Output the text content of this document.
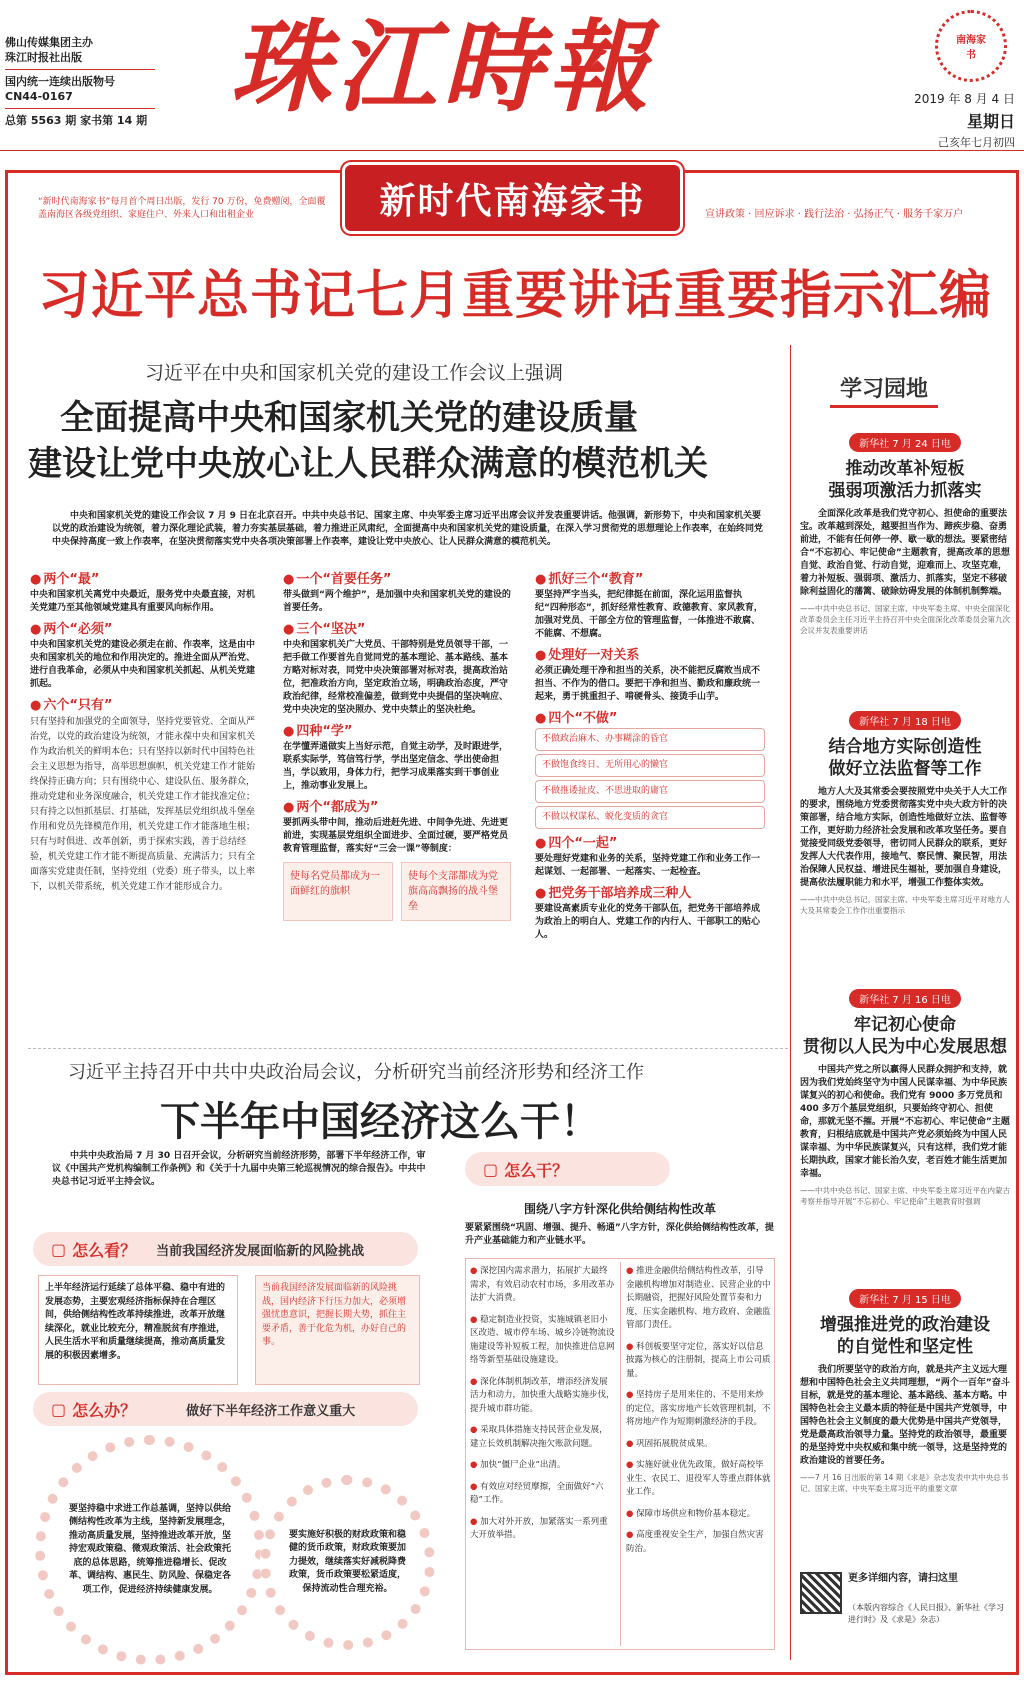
佛山传媒集团主办
珠江时报社出版
国内统一连续出版物号
CN44-0167
总第 5563 期 家书第 14 期 珠江時報	南海家书
2019 年 8 月 4 日
星期日
己亥年七月初四
新时代南海家书
“新时代南海家书”每月首个周日出版，发行 70 万份，免费赠阅，全面覆盖南海区各级党组织、家庭住户、外来人口和出租企业	宣讲政策 · 回应诉求 · 践行法治 · 弘扬正气 · 服务千家万户
习近平总书记七月重要讲话重要指示汇编
习近平在中央和国家机关党的建设工作会议上强调
全面提高中央和国家机关党的建设质量
建设让党中央放心让人民群众满意的模范机关
中央和国家机关党的建设工作会议 7 月 9 日在北京召开。中共中央总书记、国家主席、中央军委主席习近平出席会议并发表重要讲话。他强调，新形势下，中央和国家机关要以党的政治建设为统领，着力深化理论武装，着力夯实基层基础，着力推进正风肃纪，全面提高中央和国家机关党的建设质量，在深入学习贯彻党的思想理论上作表率，在始终同党中央保持高度一致上作表率，在坚决贯彻落实党中央各项决策部署上作表率，建设让党中央放心、让人民群众满意的模范机关。
● 两个“最”

中央和国家机关离党中央最近，服务党中央最直接，对机关党建乃至其他领域党建具有重要风向标作用。

● 两个“必须”

中央和国家机关党的建设必须走在前、作表率，这是由中央和国家机关的地位和作用决定的。推进全面从严治党、进行自我革命，必须从中央和国家机关抓起、从机关党建抓起。

● 六个“只有”

只有坚持和加强党的全面领导，坚持党要管党、全面从严治党，以党的政治建设为统领，才能永葆中央和国家机关作为政治机关的鲜明本色；只有坚持以新时代中国特色社会主义思想为指导，高举思想旗帜，机关党建工作才能始终保持正确方向；只有围绕中心、建设队伍、服务群众，推动党建和业务深度融合，机关党建工作才能找准定位；只有持之以恒抓基层、打基础，发挥基层党组织战斗堡垒作用和党员先锋模范作用，机关党建工作才能落地生根；只有与时俱进、改革创新，勇于探索实践，善于总结经验，机关党建工作才能不断提高质量、充满活力；只有全面落实党建责任制，坚持党组（党委）班子带头，以上率下，以机关带系统，机关党建工作才能形成合力。

● 一个“首要任务”

带头做到“两个维护”，是加强中央和国家机关党的建设的首要任务。

● 三个“坚决”

中央和国家机关广大党员、干部特别是党员领导干部，一把手做工作要首先自觉同党的基本理论、基本路线、基本方略对标对表，同党中央决策部署对标对表，提高政治站位，把准政治方向，坚定政治立场，明确政治态度，严守政治纪律，经常校准偏差，做到党中央提倡的坚决响应、党中央决定的坚决照办、党中央禁止的坚决杜绝。

● 四种“学”

在学懂弄通做实上当好示范，自觉主动学，及时跟进学，联系实际学，笃信笃行学，学出坚定信念、学出使命担当，学以致用，身体力行，把学习成果落实到干事创业上，推动事业发展上。

● 两个“都成为”

要抓两头带中间，推动后进赶先进、中间争先进、先进更前进，实现基层党组织全面进步、全面过硬，要严格党员教育管理监督，落实好“三会一课”等制度：

使每名党员都成为一面鲜红的旗帜
使每个支部都成为党旗高高飘扬的战斗堡垒
● 抓好三个“教育”

要坚持严字当头，把纪律挺在前面，深化运用监督执纪“四种形态”，抓好经常性教育、政德教育、家风教育，加强对党员、干部全方位的管理监督，一体推进不敢腐、不能腐、不想腐。

● 处理好一对关系

必须正确处理干净和担当的关系，决不能把反腐败当成不担当、不作为的借口。要把干净和担当、勤政和廉政统一起来，勇于挑重担子、啃硬骨头、接烫手山芋。

● 四个“不做”
不做政治麻木、办事糊涂的昏官
不做饱食终日、无所用心的懒官
不做推诿扯皮、不思进取的庸官
不做以权谋私、蜕化变质的贪官
● 四个“一起”

要处理好党建和业务的关系，坚持党建工作和业务工作一起谋划、一起部署、一起落实、一起检查。

● 把党务干部培养成三种人

要建设高素质专业化的党务干部队伍，把党务干部培养成为政治上的明白人、党建工作的内行人、干部职工的贴心人。

习近平主持召开中共中央政治局会议，分析研究当前经济形势和经济工作
下半年中国经济这么干！
中共中央政治局 7 月 30 日召开会议，分析研究当前经济形势，部署下半年经济工作，审议《中国共产党机构编制工作条例》和《关于十九届中央第三轮巡视情况的综合报告》。中共中央总书记习近平主持会议。
▢ 怎么看？ 当前我国经济发展面临新的风险挑战
上半年经济运行延续了总体平稳、稳中有进的发展态势，主要宏观经济指标保持在合理区间，供给侧结构性改革持续推进，改革开放继续深化，就业比较充分，精准脱贫有序推进，人民生活水平和质量继续提高，推动高质量发展的积极因素增多。
当前我国经济发展面临新的风险挑战，国内经济下行压力加大，必须增强忧患意识，把握长期大势，抓住主要矛盾，善于化危为机，办好自己的事。
▢ 怎么办？	做好下半年经济工作意义重大
要坚持稳中求进工作总基调，坚持以供给侧结构性改革为主线，坚持新发展理念，推动高质量发展，坚持推进改革开放，坚持宏观政策稳、微观政策活、社会政策托底的总体思路，统筹推进稳增长、促改革、调结构、惠民生、防风险、保稳定各项工作，促进经济持续健康发展。
要实施好积极的财政政策和稳健的货币政策，财政政策要加力提效，继续落实好减税降费政策，货币政策要松紧适度，保持流动性合理充裕。
▢ 怎么干？
围绕八字方针深化供给侧结构性改革
要紧紧围绕“巩固、增强、提升、畅通”八字方针，深化供给侧结构性改革，提升产业基础能力和产业链水平。

● 深挖国内需求潜力，拓展扩大最终需求，有效启动农村市场，多用改革办法扩大消费。

● 稳定制造业投资，实施城镇老旧小区改造、城市停车场、城乡冷链物流设施建设等补短板工程，加快推进信息网络等新型基础设施建设。

● 深化体制机制改革，增添经济发展活力和动力，加快重大战略实施步伐，提升城市群功能。

● 采取具体措施支持民营企业发展，建立长效机制解决拖欠账款问题。

● 加快“僵尸企业”出清。

● 有效应对经贸摩擦，全面做好“六稳”工作。

● 加大对外开放，加紧落实一系列重大开放举措。

● 推进金融供给侧结构性改革，引导金融机构增加对制造业、民营企业的中长期融资，把握好风险处置节奏和力度，压实金融机构、地方政府、金融监管部门责任。

● 科创板要坚守定位，落实好以信息披露为核心的注册制，提高上市公司质量。

● 坚持房子是用来住的、不是用来炒的定位，落实房地产长效管理机制，不将房地产作为短期刺激经济的手段。

● 巩固拓展脱贫成果。

● 实施好就业优先政策，做好高校毕业生、农民工、退役军人等重点群体就业工作。

● 保障市场供应和物价基本稳定。

● 高度重视安全生产，加强自然灾害防治。

学习园地
新华社 7 月 24 日电
推动改革补短板
强弱项激活力抓落实
全面深化改革是我们党守初心、担使命的重要法宝。改革越到深处，越要担当作为、蹄疾步稳、奋勇前进，不能有任何停一停、歇一歇的想法。要紧密结合“不忘初心、牢记使命”主题教育，提高改革的思想自觉、政治自觉、行动自觉，迎难而上、攻坚克难，着力补短板、强弱项、激活力、抓落实，坚定不移破除利益固化的藩篱、破除妨碍发展的体制机制弊端。
——中共中央总书记、国家主席、中央军委主席、中央全面深化改革委员会主任习近平主持召开中央全面深化改革委员会第九次会议并发表重要讲话
新华社 7 月 18 日电
结合地方实际创造性
做好立法监督等工作
地方人大及其常委会要按照党中央关于人大工作的要求，围绕地方党委贯彻落实党中央大政方针的决策部署，结合地方实际，创造性地做好立法、监督等工作，更好助力经济社会发展和改革攻坚任务。要自觉接受同级党委领导，密切同人民群众的联系，更好发挥人大代表作用，接地气、察民情、聚民智，用法治保障人民权益、增进民生福祉，要加强自身建设，提高依法履职能力和水平，增强工作整体实效。
——中共中央总书记、国家主席、中央军委主席习近平对地方人大及其常委会工作作出重要指示
新华社 7 月 16 日电
牢记初心使命
贯彻以人民为中心发展思想
中国共产党之所以赢得人民群众拥护和支持，就因为我们党始终坚守为中国人民谋幸福、为中华民族谋复兴的初心和使命。我们党有 9000 多万党员和 400 多万个基层党组织，只要始终守初心、担使命，那就无坚不摧。开展“不忘初心、牢记使命”主题教育，归根结底就是中国共产党必须始终为中国人民谋幸福、为中华民族谋复兴，只有这样，我们党才能长期执政，国家才能长治久安，老百姓才能生活更加幸福。
——中共中央总书记、国家主席、中央军委主席习近平在内蒙古考察并指导开展“不忘初心、牢记使命”主题教育时强调
新华社 7 月 15 日电
增强推进党的政治建设
的自觉性和坚定性
我们所要坚守的政治方向，就是共产主义远大理想和中国特色社会主义共同理想，“两个一百年”奋斗目标，就是党的基本理论、基本路线、基本方略。中国特色社会主义最本质的特征是中国共产党领导，中国特色社会主义制度的最大优势是中国共产党领导，党是最高政治领导力量。坚持党的政治领导，最重要的是坚持党中央权威和集中统一领导，这是坚持党的政治建设的首要任务。
——7 月 16 日出版的第 14 期《求是》杂志发表中共中央总书记、国家主席、中央军委主席习近平的重要文章
更多详细内容，请扫这里
（本版内容综合《人民日报》、新华社《学习进行时》及《求是》杂志）
